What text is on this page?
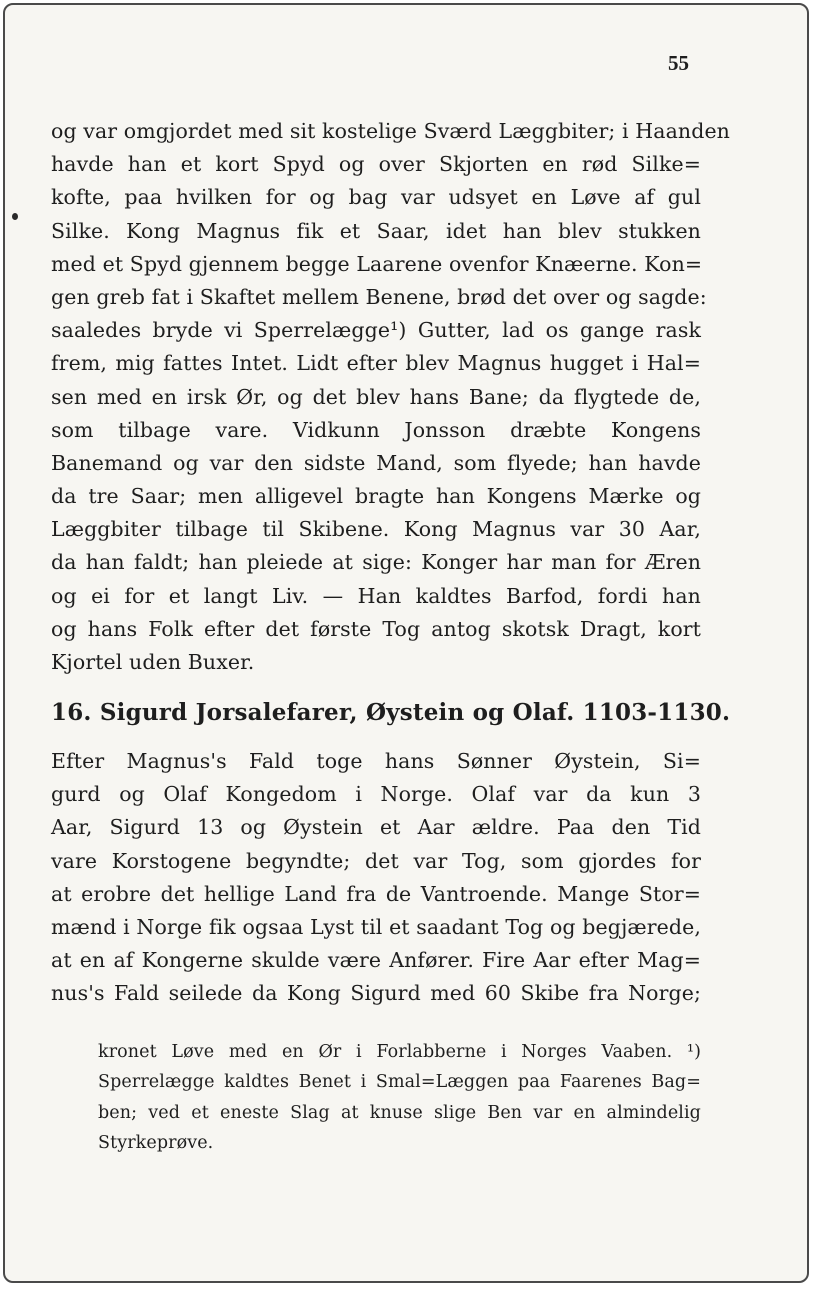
55
og var omgjordet med sit kostelige Sværd Læggbiter; i Haanden
havde han et kort Spyd og over Skjorten en rød Silke=
kofte, paa hvilken for og bag var udsyet en Løve af gul
Silke. Kong Magnus fik et Saar, idet han blev stukken
med et Spyd gjennem begge Laarene ovenfor Knæerne. Kon=
gen greb fat i Skaftet mellem Benene, brød det over og sagde:
saaledes bryde vi Sperrelægge¹) Gutter, lad os gange rask
frem, mig fattes Intet. Lidt efter blev Magnus hugget i Hal=
sen med en irsk Ør, og det blev hans Bane; da flygtede de,
som tilbage vare. Vidkunn Jonsson dræbte Kongens
Banemand og var den sidste Mand, som flyede; han havde
da tre Saar; men alligevel bragte han Kongens Mærke og
Læggbiter tilbage til Skibene. Kong Magnus var 30 Aar,
da han faldt; han pleiede at sige: Konger har man for Æren
og ei for et langt Liv. — Han kaldtes Barfod, fordi han
og hans Folk efter det første Tog antog skotsk Dragt, kort
Kjortel uden Buxer.
16. Sigurd Jorsalefarer, Øystein og Olaf. 1103-1130.
Efter Magnus's Fald toge hans Sønner Øystein, Si=
gurd og Olaf Kongedom i Norge. Olaf var da kun 3
Aar, Sigurd 13 og Øystein et Aar ældre. Paa den Tid
vare Korstogene begyndte; det var Tog, som gjordes for
at erobre det hellige Land fra de Vantroende. Mange Stor=
mænd i Norge fik ogsaa Lyst til et saadant Tog og begjærede,
at en af Kongerne skulde være Anfører. Fire Aar efter Mag=
nus's Fald seilede da Kong Sigurd med 60 Skibe fra Norge;
kronet Løve med en Ør i Forlabberne i Norges Vaaben. ¹)
Sperrelægge kaldtes Benet i Smal=Læggen paa Faarenes Bag=
ben; ved et eneste Slag at knuse slige Ben var en almindelig
Styrkeprøve.
